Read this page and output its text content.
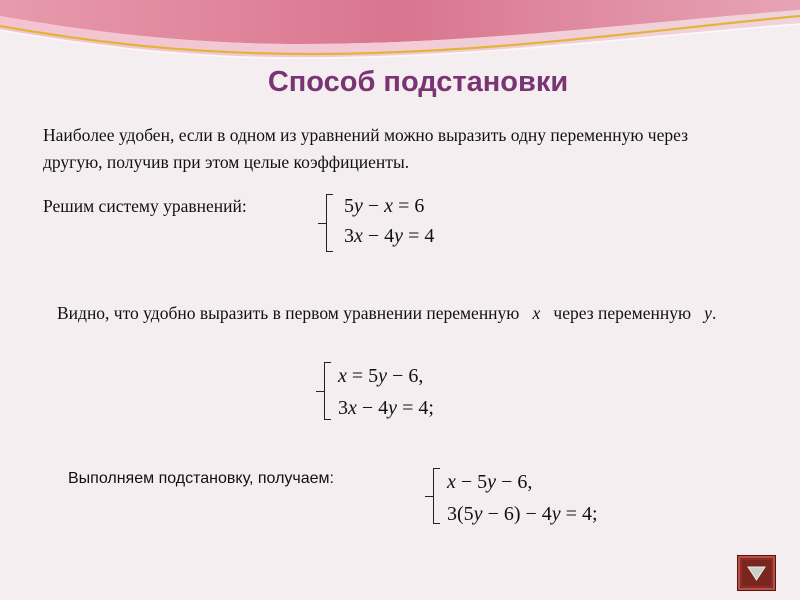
Способ подстановки
Наиболее удобен, если в одном из уравнений можно выразить одну переменную через другую, получив при этом целые коэффициенты.
Решим систему уравнений:	5y − x = 6
3x − 4y = 4
Видно, что удобно выразить в первом уравнении переменную x через переменную y.
x = 5y − 6,
3x − 4y = 4;
Выполняем подстановку, получаем:	x − 5y − 6,
3(5y − 6) − 4y = 4;
